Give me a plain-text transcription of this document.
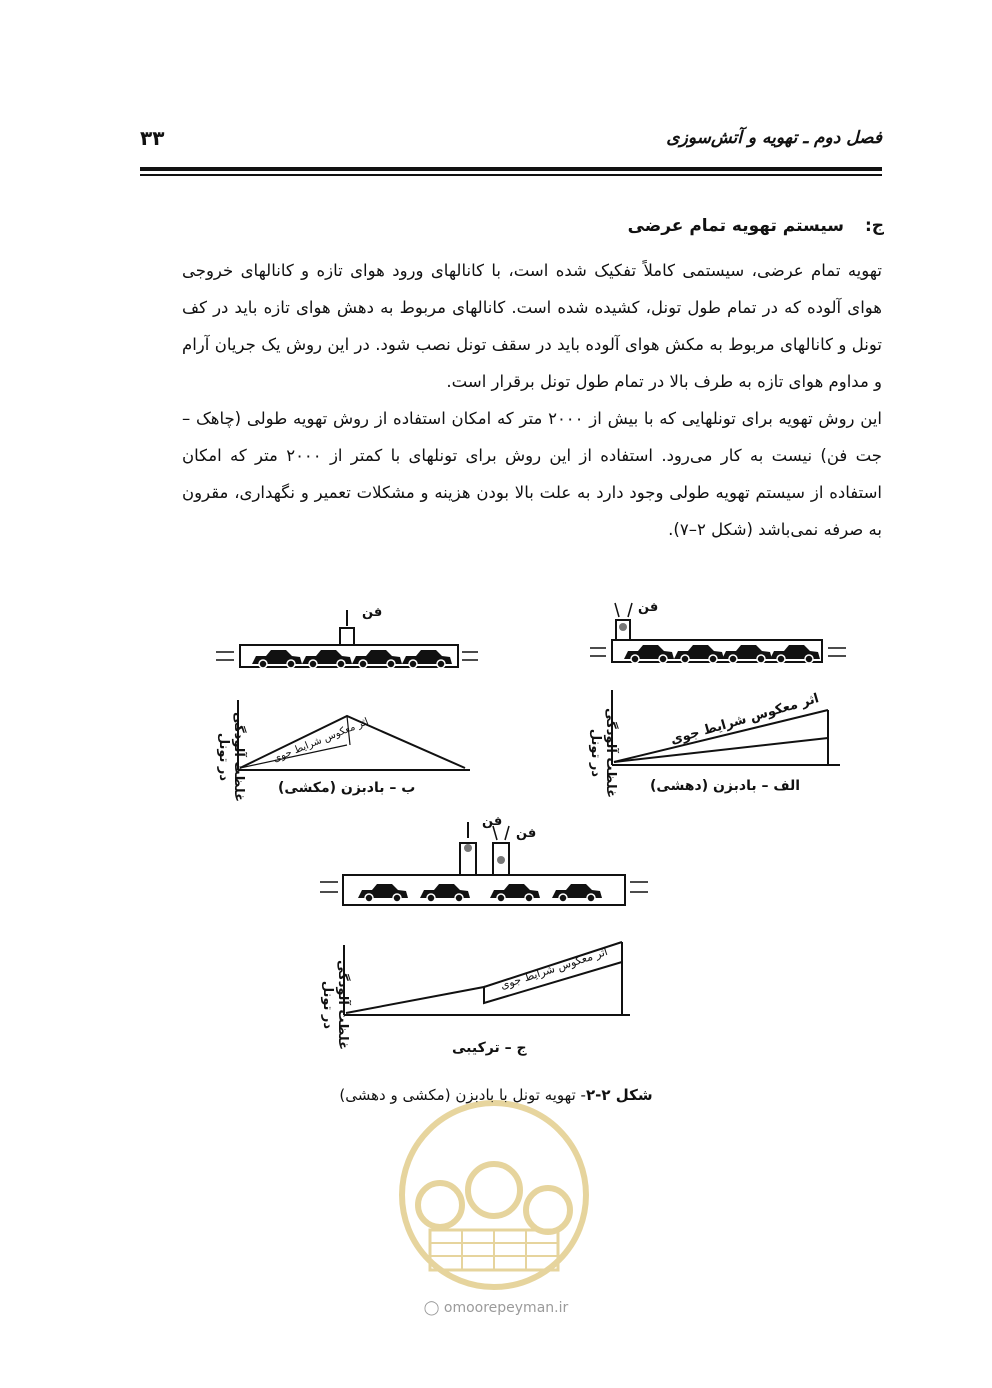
فصل دوم ـ تهویه و آتش‌سوزی
۳۳
ج:سیستم تهویه تمام عرضی

تهویه تمام عرضی، سیستمی کاملاً تفکیک شده است، با کانالهای ورود هوای تازه و کانالهای خروجی هوای آلوده که در تمام طول تونل، کشیده شده است. کانالهای مربوط به دهش هوای تازه باید در کف تونل و کانالهای مربوط به مکش هوای آلوده باید در سقف تونل نصب شود. در این روش یک جریان آرام و مداوم هوای تازه به طرف بالا در تمام طول تونل برقرار است.

این روش تهویه برای تونلهایی که با بیش از ۲۰۰۰ متر که امکان استفاده از روش تهویه طولی (چاهک – جت فن) نیست به کار می‌رود. استفاده از این روش برای تونلهای با کمتر از ۲۰۰۰ متر که امکان استفاده از سیستم تهویه طولی وجود دارد به علت بالا بودن هزینه و مشکلات تعمیر و نگهداری، مقرون به صرفه نمی‌باشد (شکل ۲–۷).

فن	فن
فن
فن
غلظت آلودگی
در تونل	غلظت آلودگی
در تونل
غلظت آلودگی
در تونل
اثر معکوس شرایط جوی	اثر معکوس شرایط جوی
اثر معکوس شرایط جوی
ب – بادبزن (مکشی)	الف – بادبزن (دهشی)
ج – ترکیبی
شکل ۲-۲- تهویه تونل با بادبزن (مکشی و دهشی)
◯ omoorepeyman.ir
